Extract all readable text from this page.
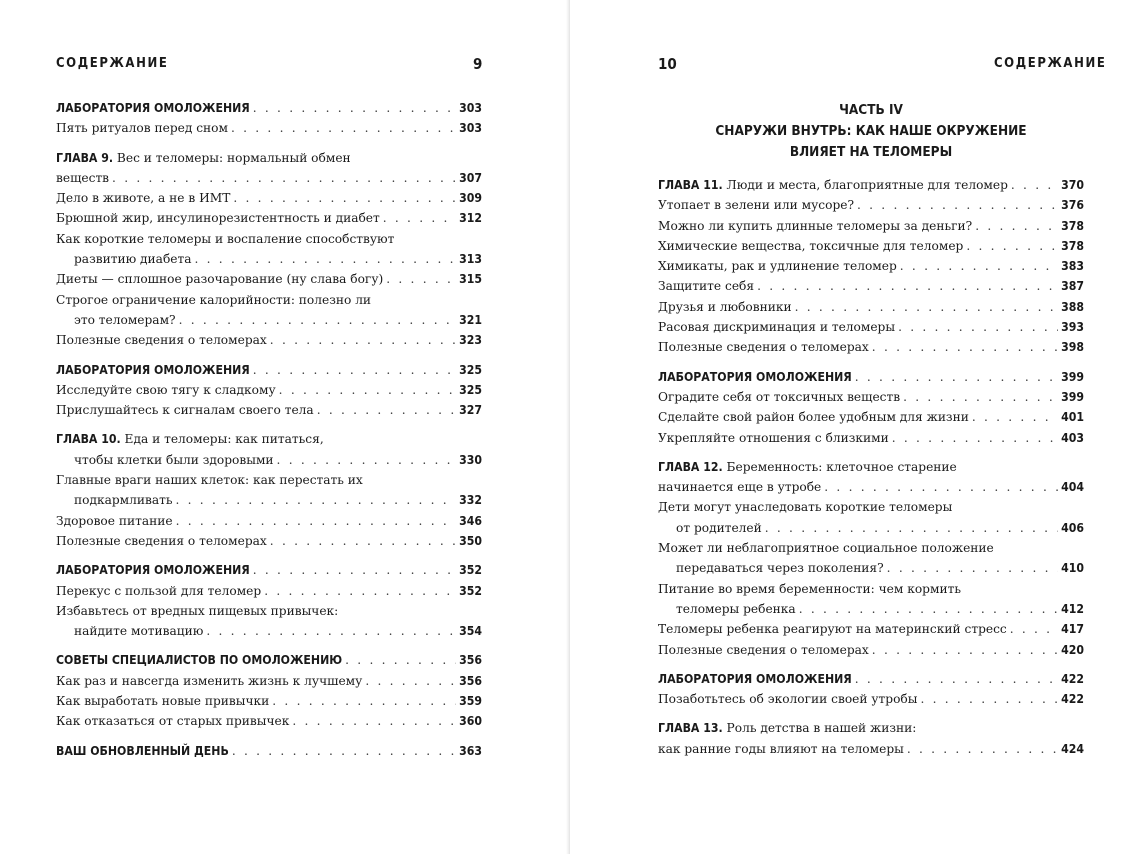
СОДЕРЖАНИЕ	9
ЛАБОРАТОРИЯ ОМОЛОЖЕНИЯ . . .	303
Пять ритуалов перед сном . . .	303
ГЛАВА 9. Вес и теломеры: нормальный обмен
веществ . . .	307
Дело в животе, а не в ИМТ . . .	309
Брюшной жир, инсулинорезистентность и диабет . . .	312
Как короткие теломеры и воспаление способствуют
развитию диабета . . .	313
Диеты — сплошное разочарование (ну слава богу) . . .	315
Строгое ограничение калорийности: полезно ли
это теломерам? . . .	321
Полезные сведения о теломерах . . .	323
ЛАБОРАТОРИЯ ОМОЛОЖЕНИЯ . . .	325
Исследуйте свою тягу к сладкому . . .	325
Прислушайтесь к сигналам своего тела . . .	327
ГЛАВА 10. Еда и теломеры: как питаться,
чтобы клетки были здоровыми . . .	330
Главные враги наших клеток: как перестать их
подкармливать . . .	332
Здоровое питание . . .	346
Полезные сведения о теломерах . . .	350
ЛАБОРАТОРИЯ ОМОЛОЖЕНИЯ . . .	352
Перекус с пользой для теломер . . .	352
Избавьтесь от вредных пищевых привычек:
найдите мотивацию . . .	354
СОВЕТЫ СПЕЦИАЛИСТОВ ПО ОМОЛОЖЕНИЮ . . .	356
Как раз и навсегда изменить жизнь к лучшему . . .	356
Как выработать новые привычки . . .	359
Как отказаться от старых привычек . . .	360
ВАШ ОБНОВЛЕННЫЙ ДЕНЬ . . .	363
10	СОДЕРЖАНИЕ
ЧАСТЬ IV
СНАРУЖИ ВНУТРЬ: КАК НАШЕ ОКРУЖЕНИЕ
ВЛИЯЕТ НА ТЕЛОМЕРЫ
ГЛАВА 11. Люди и места, благоприятные для теломер . . .	370
Утопает в зелени или мусоре? . . .	376
Можно ли купить длинные теломеры за деньги? . . .	378
Химические вещества, токсичные для теломер . . .	378
Химикаты, рак и удлинение теломер . . .	383
Защитите себя . . .	387
Друзья и любовники . . .	388
Расовая дискриминация и теломеры . . .	393
Полезные сведения о теломерах . . .	398
ЛАБОРАТОРИЯ ОМОЛОЖЕНИЯ . . .	399
Оградите себя от токсичных веществ . . .	399
Сделайте свой район более удобным для жизни . . .	401
Укрепляйте отношения с близкими . . .	403
ГЛАВА 12. Беременность: клеточное старение
начинается еще в утробе . . .	404
Дети могут унаследовать короткие теломеры
от родителей . . .	406
Может ли неблагоприятное социальное положение
передаваться через поколения? . . .	410
Питание во время беременности: чем кормить
теломеры ребенка . . .	412
Теломеры ребенка реагируют на материнский стресс . . .	417
Полезные сведения о теломерах . . .	420
ЛАБОРАТОРИЯ ОМОЛОЖЕНИЯ . . .	422
Позаботьтесь об экологии своей утробы . . .	422
ГЛАВА 13. Роль детства в нашей жизни:
как ранние годы влияют на теломеры . . .	424
